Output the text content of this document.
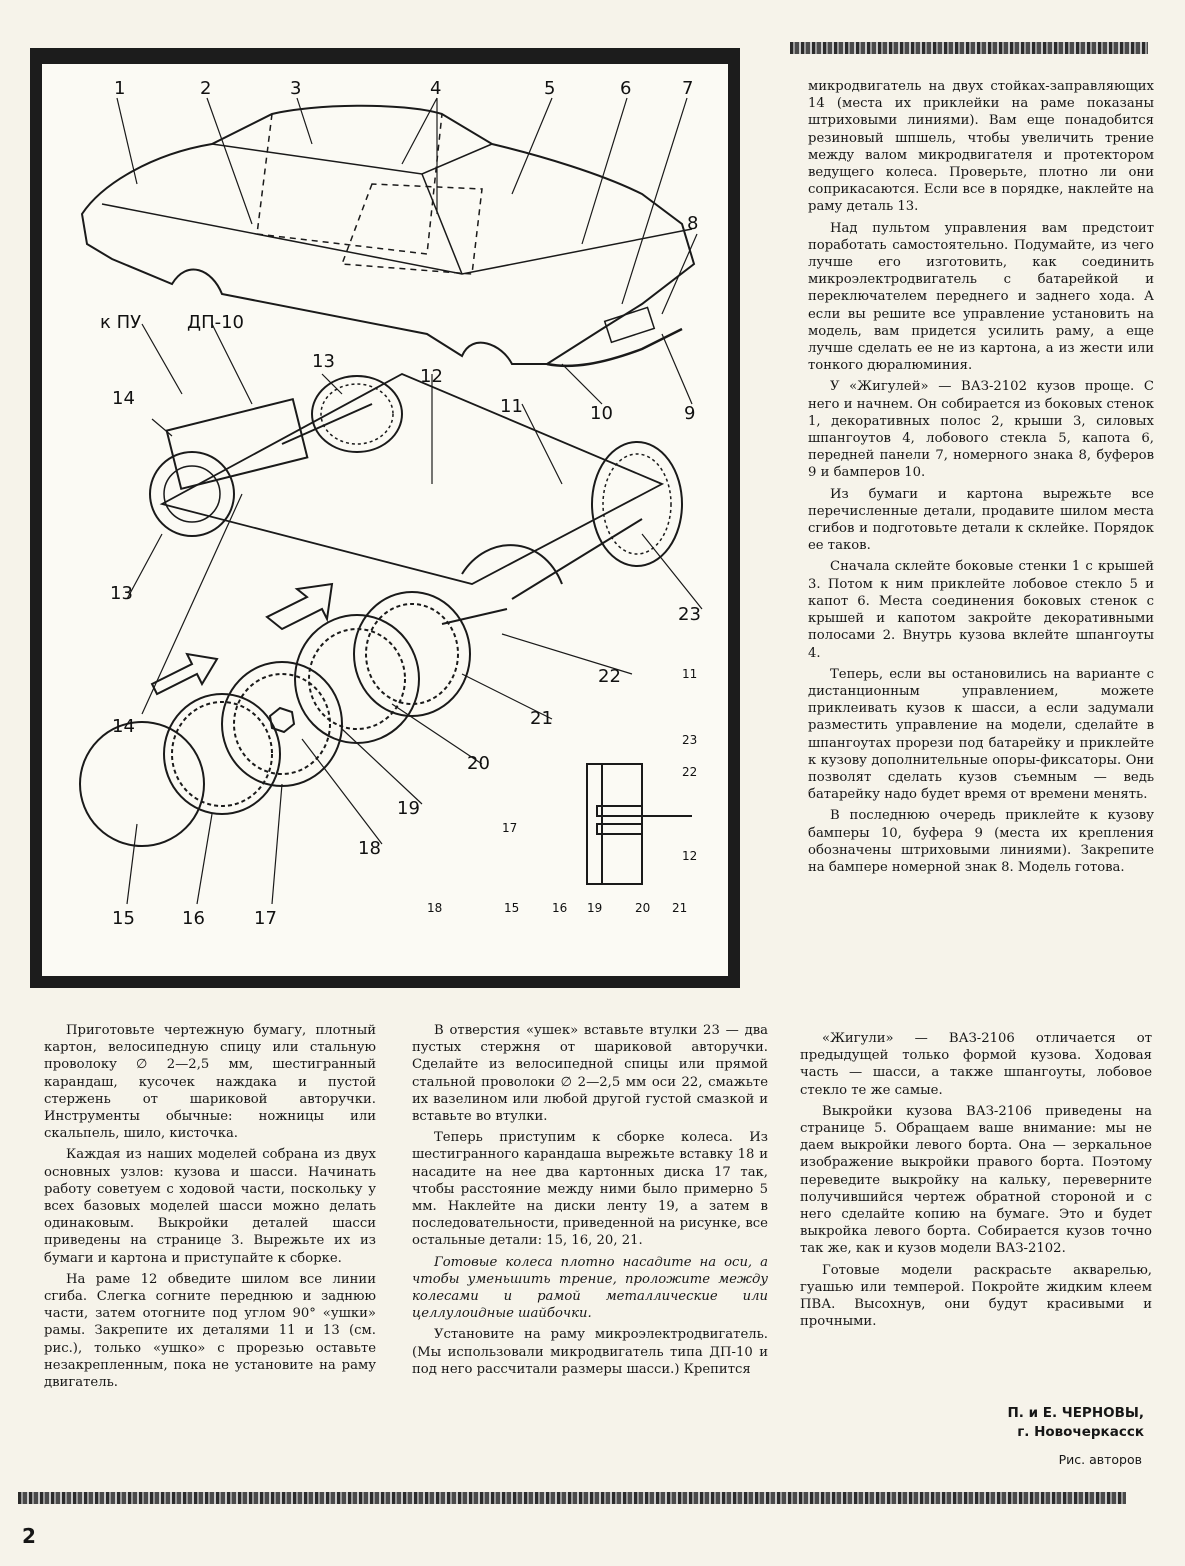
1	2	3	4	5	6	7
8
9
10
11
12
13
13
14
14
20
21
22
23
15	16	17
18
19
к ПУ	ДП-10
11
23
22
17
12
18	15	16 19	20 21

микродвигатель на двух стойках-заправляющих 14 (места их приклейки на раме показаны штриховыми линиями). Вам еще понадобится резиновый шпшель, чтобы увеличить трение между валом микродвигателя и протектором ведущего колеса. Проверьте, плотно ли они соприкасаются. Если все в порядке, наклейте на раму деталь 13.

Над пультом управления вам предстоит поработать самостоятельно. Подумайте, из чего лучше его изготовить, как соединить микроэлектродвигатель с батарейкой и переключателем переднего и заднего хода. А если вы решите все управление установить на модель, вам придется усилить раму, а еще лучше сделать ее не из картона, а из жести или тонкого дюралюминия.

У «Жигулей» — ВАЗ-2102 кузов проще. С него и начнем. Он собирается из боковых стенок 1, декоративных полос 2, крыши 3, силовых шпангоутов 4, лобового стекла 5, капота 6, передней панели 7, номерного знака 8, буферов 9 и бамперов 10.

Из бумаги и картона вырежьте все перечисленные детали, продавите шилом места сгибов и подготовьте детали к склейке. Порядок ее таков.

Сначала склейте боковые стенки 1 с крышей 3. Потом к ним приклейте лобовое стекло 5 и капот 6. Места соединения боковых стенок с крышей и капотом закройте декоративными полосами 2. Внутрь кузова вклейте шпангоуты 4.

Теперь, если вы остановились на варианте с дистанционным управлением, можете приклеивать кузов к шасси, а если задумали разместить управление на модели, сделайте в шпангоутах прорези под батарейку и приклейте к кузову дополнительные опоры-фиксаторы. Они позволят сделать кузов съемным — ведь батарейку надо будет время от времени менять.

В последнюю очередь приклейте к кузову бамперы 10, буфера 9 (места их крепления обозначены штриховыми линиями). Закрепите на бампере номерной знак 8. Модель готова.

Приготовьте чертежную бумагу, плотный картон, велосипедную спицу или стальную проволоку ∅ 2—2,5 мм, шестигранный карандаш, кусочек наждака и пустой стержень от шариковой авторучки. Инструменты обычные: ножницы или скальпель, шило, кисточка.

Каждая из наших моделей собрана из двух основных узлов: кузова и шасси. Начинать работу советуем с ходовой части, поскольку у всех базовых моделей шасси можно делать одинаковым. Выкройки деталей шасси приведены на странице 3. Вырежьте их из бумаги и картона и приступайте к сборке.

На раме 12 обведите шилом все линии сгиба. Слегка согните переднюю и заднюю части, затем отогните под углом 90° «ушки» рамы. Закрепите их деталями 11 и 13 (см. рис.), только «ушко» с прорезью оставьте незакрепленным, пока не установите на раму двигатель.

В отверстия «ушек» вставьте втулки 23 — два пустых стержня от шариковой авторучки. Сделайте из велосипедной спицы или прямой стальной проволоки ∅ 2—2,5 мм оси 22, смажьте их вазелином или любой другой густой смазкой и вставьте во втулки.

Теперь приступим к сборке колеса. Из шестигранного карандаша вырежьте вставку 18 и насадите на нее два картонных диска 17 так, чтобы расстояние между ними было примерно 5 мм. Наклейте на диски ленту 19, а затем в последовательности, приведенной на рисунке, все остальные детали: 15, 16, 20, 21.

Готовые колеса плотно насадите на оси, а чтобы уменьшить трение, проложите между колесами и рамой металлические или целлулоидные шайбочки.

Установите на раму микроэлектродвигатель. (Мы использовали микродвигатель типа ДП-10 и под него рассчитали размеры шасси.) Крепится

«Жигули» — ВАЗ-2106 отличается от предыдущей только формой кузова. Ходовая часть — шасси, а также шпангоуты, лобовое стекло те же самые.

Выкройки кузова ВАЗ-2106 приведены на странице 5. Обращаем ваше внимание: мы не даем выкройки левого борта. Она — зеркальное изображение выкройки правого борта. Поэтому переведите выкройку на кальку, переверните получившийся чертеж обратной стороной и с него сделайте копию на бумаге. Это и будет выкройка левого борта. Собирается кузов точно так же, как и кузов модели ВАЗ-2102.

Готовые модели раскрасьте акварелью, гуашью или темперой. Покройте жидким клеем ПВА. Высохнув, они будут красивыми и прочными.

П. и Е. ЧЕРНОВЫ,
г. Новочеркасск
Рис. авторов
2
